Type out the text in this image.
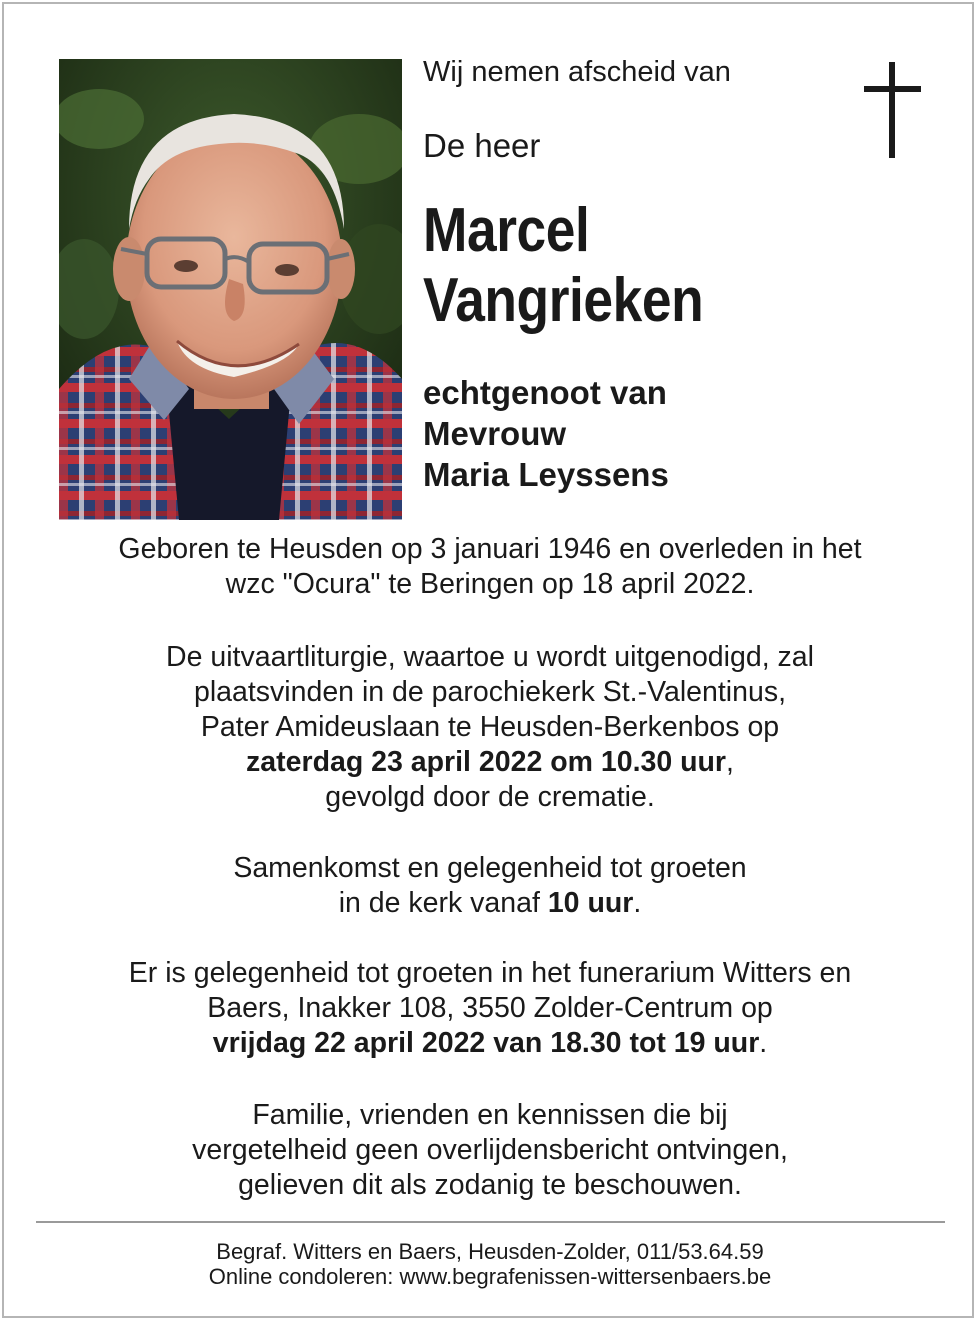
Wij nemen afscheid van
De heer
Marcel
Vangrieken
echtgenoot van
Mevrouw
Maria Leyssens
Geboren te Heusden op 3 januari 1946 en overleden in het
wzc "Ocura" te Beringen op 18 april 2022.
De uitvaartliturgie, waartoe u wordt uitgenodigd, zal
plaatsvinden in de parochiekerk St.-Valentinus,
Pater Amideuslaan te Heusden-Berkenbos op
zaterdag 23 april 2022 om 10.30 uur,
gevolgd door de crematie.
Samenkomst en gelegenheid tot groeten
in de kerk vanaf 10 uur.
Er is gelegenheid tot groeten in het funerarium Witters en
Baers, Inakker 108, 3550 Zolder-Centrum op
vrijdag 22 april 2022 van 18.30 tot 19 uur.
Familie, vrienden en kennissen die bij
vergetelheid geen overlijdensbericht ontvingen,
gelieven dit als zodanig te beschouwen.
Begraf. Witters en Baers, Heusden-Zolder, 011/53.64.59
Online condoleren: www.begrafenissen-wittersenbaers.be
